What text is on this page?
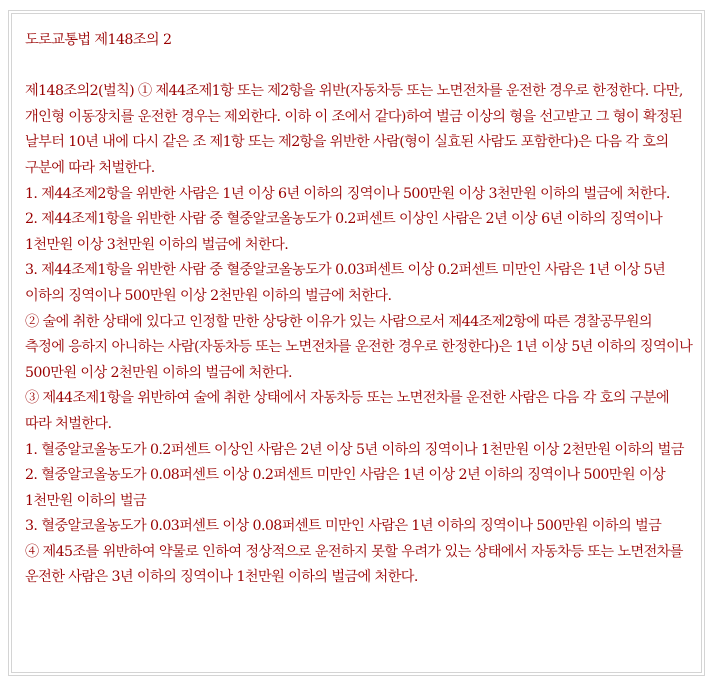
도로교통법 제148조의 2

제148조의2(벌칙) ① 제44조제1항 또는 제2항을 위반(자동차등 또는 노면전차를 운전한 경우로 한정한다. 다만, 개인형 이동장치를 운전한 경우는 제외한다. 이하 이 조에서 같다)하여 벌금 이상의 형을 선고받고 그 형이 확정된 날부터 10년 내에 다시 같은 조 제1항 또는 제2항을 위반한 사람(형이 실효된 사람도 포함한다)은 다음 각 호의 구분에 따라 처벌한다.

1. 제44조제2항을 위반한 사람은 1년 이상 6년 이하의 징역이나 500만원 이상 3천만원 이하의 벌금에 처한다.

2. 제44조제1항을 위반한 사람 중 혈중알코올농도가 0.2퍼센트 이상인 사람은 2년 이상 6년 이하의 징역이나 1천만원 이상 3천만원 이하의 벌금에 처한다.

3. 제44조제1항을 위반한 사람 중 혈중알코올농도가 0.03퍼센트 이상 0.2퍼센트 미만인 사람은 1년 이상 5년 이하의 징역이나 500만원 이상 2천만원 이하의 벌금에 처한다.

② 술에 취한 상태에 있다고 인정할 만한 상당한 이유가 있는 사람으로서 제44조제2항에 따른 경찰공무원의 측정에 응하지 아니하는 사람(자동차등 또는 노면전차를 운전한 경우로 한정한다)은 1년 이상 5년 이하의 징역이나 500만원 이상 2천만원 이하의 벌금에 처한다.

③ 제44조제1항을 위반하여 술에 취한 상태에서 자동차등 또는 노면전차를 운전한 사람은 다음 각 호의 구분에 따라 처벌한다.

1. 혈중알코올농도가 0.2퍼센트 이상인 사람은 2년 이상 5년 이하의 징역이나 1천만원 이상 2천만원 이하의 벌금

2. 혈중알코올농도가 0.08퍼센트 이상 0.2퍼센트 미만인 사람은 1년 이상 2년 이하의 징역이나 500만원 이상 1천만원 이하의 벌금

3. 혈중알코올농도가 0.03퍼센트 이상 0.08퍼센트 미만인 사람은 1년 이하의 징역이나 500만원 이하의 벌금

④ 제45조를 위반하여 약물로 인하여 정상적으로 운전하지 못할 우려가 있는 상태에서 자동차등 또는 노면전차를 운전한 사람은 3년 이하의 징역이나 1천만원 이하의 벌금에 처한다.
